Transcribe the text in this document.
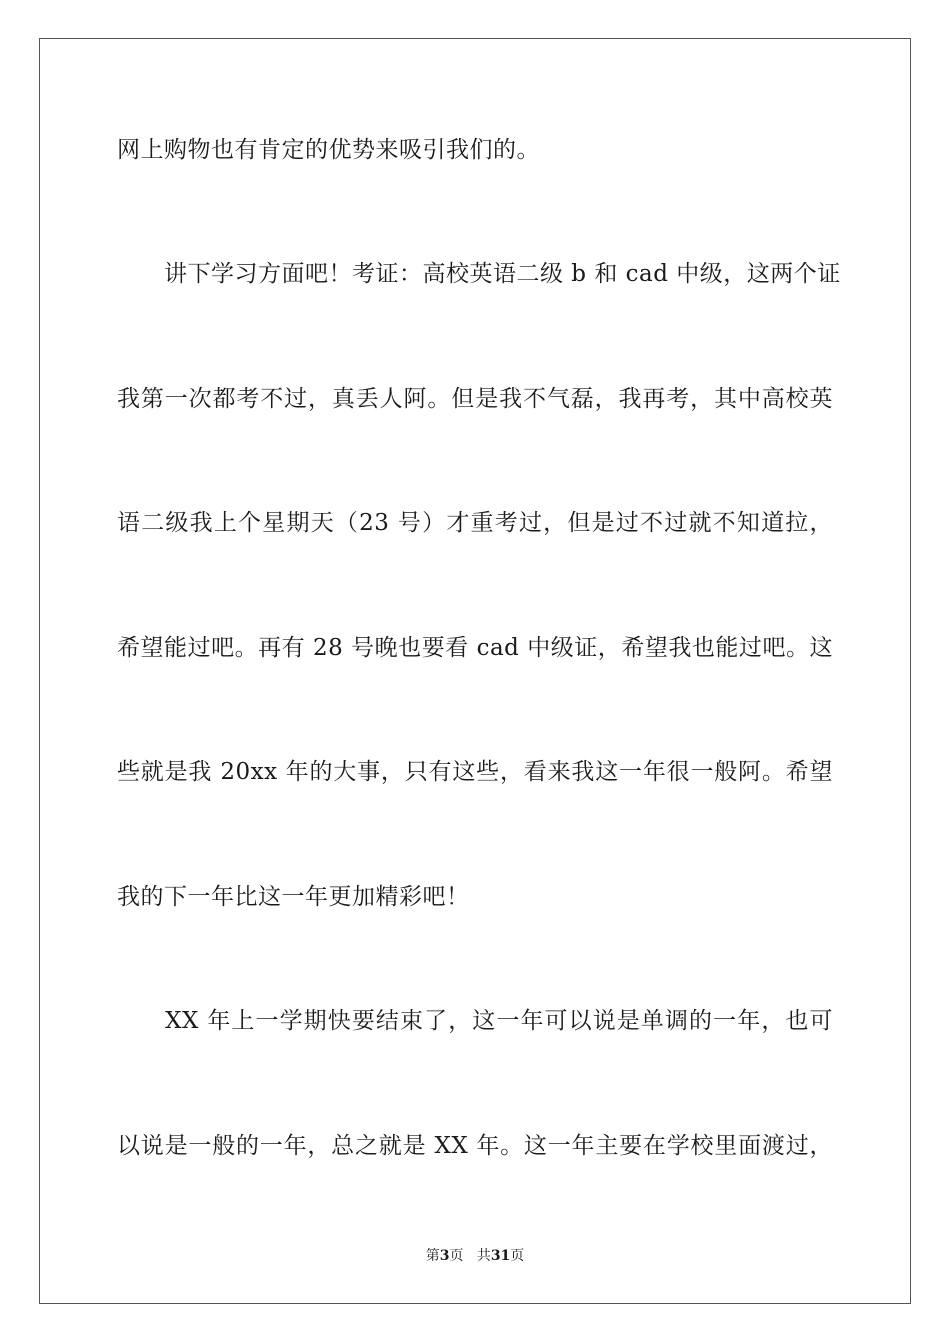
网上购物也有肯定的优势来吸引我们的。
　　讲下学习方面吧！考证：高校英语二级 b 和 cad 中级，这两个证
我第一次都考不过，真丢人阿。但是我不气磊，我再考，其中高校英
语二级我上个星期天（23 号）才重考过，但是过不过就不知道拉，
希望能过吧。再有 28 号晚也要看 cad 中级证，希望我也能过吧。这
些就是我 20xx 年的大事，只有这些，看来我这一年很一般阿。希望
我的下一年比这一年更加精彩吧！
　　XX 年上一学期快要结束了，这一年可以说是单调的一年，也可
以说是一般的一年，总之就是 XX 年。这一年主要在学校里面渡过，
第3页 共31页
